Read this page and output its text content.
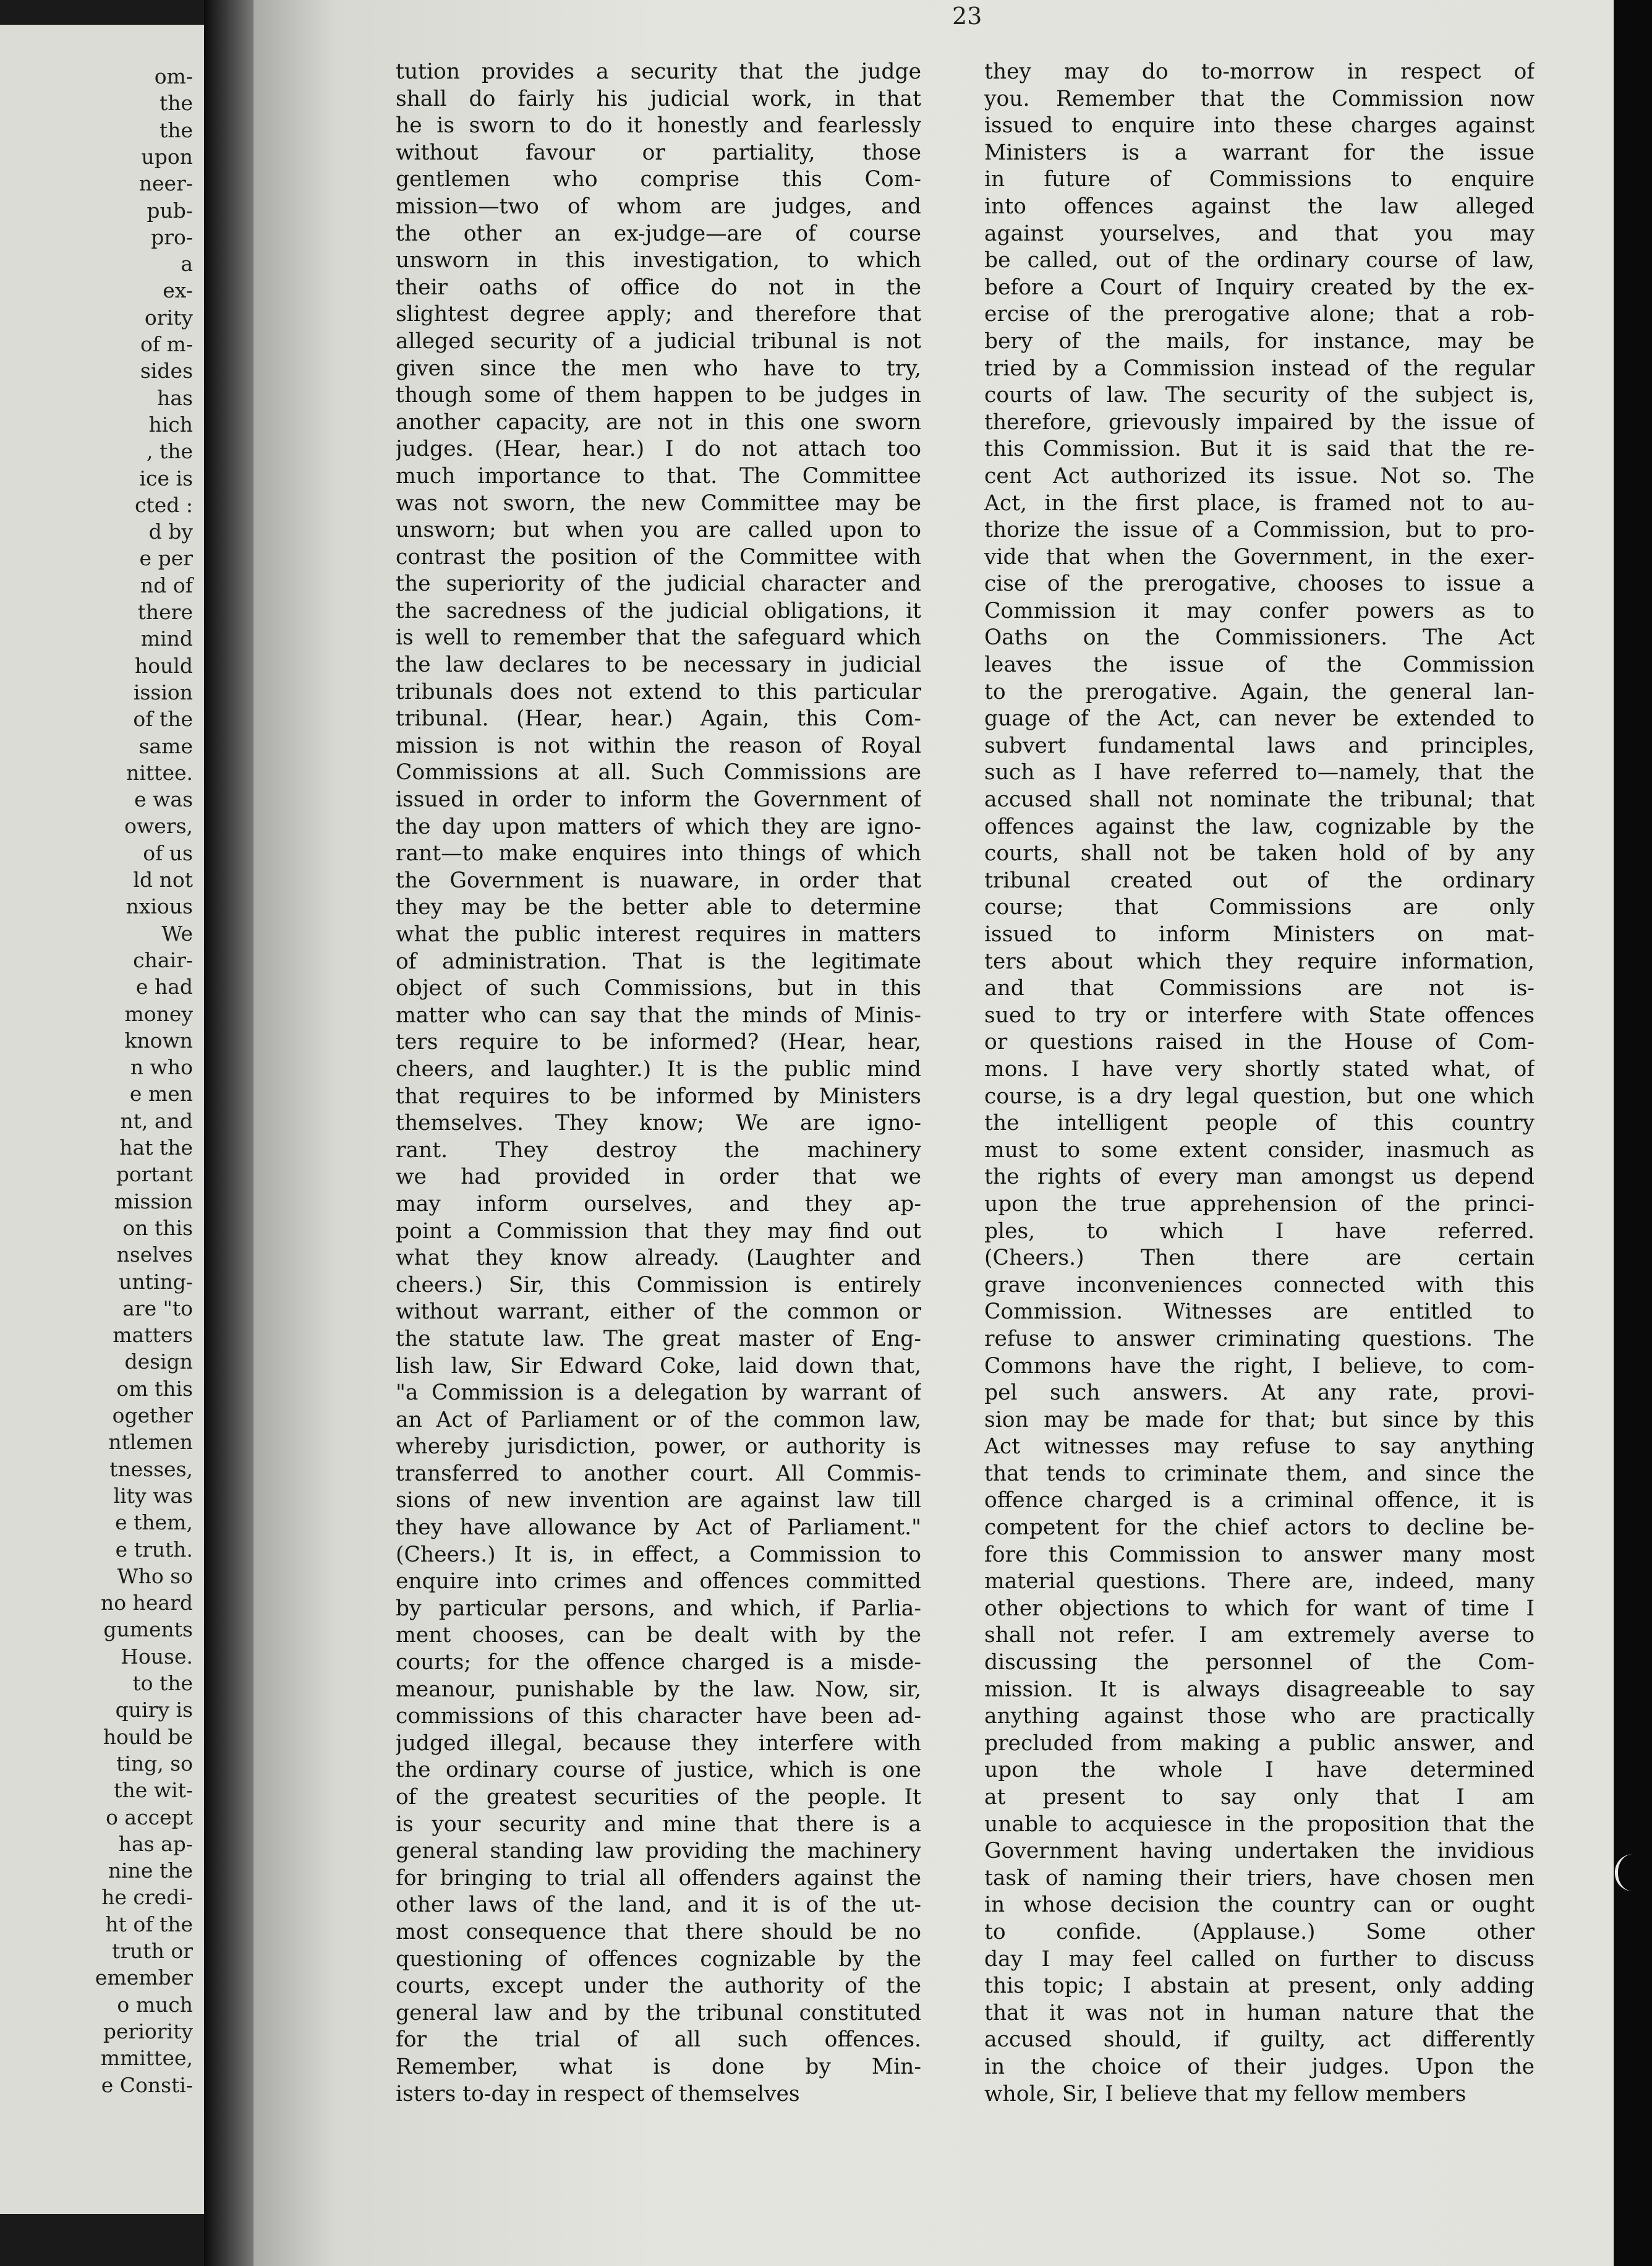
om-
the
the
upon
neer-
pub-
pro-
a
ex-
ority
of m-
sides
has
hich
, the
ice is
cted :
d by
e per
nd of
there
mind
hould
ission
of the
same
nittee.
e was
owers,
of us
ld not
nxious
We
chair-
e had
money
known
n who
e men
nt, and
hat the
portant
mission
on this
nselves
unting-
are "to
matters
design
om this
ogether
ntlemen
tnesses,
lity was
e them,
e truth.
Who so
no heard
guments
House.
to the
quiry is
hould be
ting, so
the wit-
o accept
has ap-
nine the
he credi-
ht of the
truth or
emember
o much
periority
mmittee,
e Consti-
23
tution provides a security that the judge
shall do fairly his judicial work, in that
he is sworn to do it honestly and fearlessly
without favour or partiality, those
gentlemen who comprise this Com-
mission—two of whom are judges, and
the other an ex-judge—are of course
unsworn in this investigation, to which
their oaths of office do not in the
slightest degree apply; and therefore that
alleged security of a judicial tribunal is not
given since the men who have to try,
though some of them happen to be judges in
another capacity, are not in this one sworn
judges. (Hear, hear.) I do not attach too
much importance to that. The Committee
was not sworn, the new Committee may be
unsworn; but when you are called upon to
contrast the position of the Committee with
the superiority of the judicial character and
the sacredness of the judicial obligations, it
is well to remember that the safeguard which
the law declares to be necessary in judicial
tribunals does not extend to this particular
tribunal. (Hear, hear.) Again, this Com-
mission is not within the reason of Royal
Commissions at all. Such Commissions are
issued in order to inform the Government of
the day upon matters of which they are igno-
rant—to make enquires into things of which
the Government is nuaware, in order that
they may be the better able to determine
what the public interest requires in matters
of administration. That is the legitimate
object of such Commissions, but in this
matter who can say that the minds of Minis-
ters require to be informed? (Hear, hear,
cheers, and laughter.) It is the public mind
that requires to be informed by Ministers
themselves. They know; We are igno-
rant. They destroy the machinery
we had provided in order that we
may inform ourselves, and they ap-
point a Commission that they may find out
what they know already. (Laughter and
cheers.) Sir, this Commission is entirely
without warrant, either of the common or
the statute law. The great master of Eng-
lish law, Sir Edward Coke, laid down that,
"a Commission is a delegation by warrant of
an Act of Parliament or of the common law,
whereby jurisdiction, power, or authority is
transferred to another court. All Commis-
sions of new invention are against law till
they have allowance by Act of Parliament."
(Cheers.) It is, in effect, a Commission to
enquire into crimes and offences committed
by particular persons, and which, if Parlia-
ment chooses, can be dealt with by the
courts; for the offence charged is a misde-
meanour, punishable by the law. Now, sir,
commissions of this character have been ad-
judged illegal, because they interfere with
the ordinary course of justice, which is one
of the greatest securities of the people. It
is your security and mine that there is a
general standing law providing the machinery
for bringing to trial all offenders against the
other laws of the land, and it is of the ut-
most consequence that there should be no
questioning of offences cognizable by the
courts, except under the authority of the
general law and by the tribunal constituted
for the trial of all such offences.
Remember, what is done by Min-
isters to-day in respect of themselves
they may do to-morrow in respect of
you. Remember that the Commission now
issued to enquire into these charges against
Ministers is a warrant for the issue
in future of Commissions to enquire
into offences against the law alleged
against yourselves, and that you may
be called, out of the ordinary course of law,
before a Court of Inquiry created by the ex-
ercise of the prerogative alone; that a rob-
bery of the mails, for instance, may be
tried by a Commission instead of the regular
courts of law. The security of the subject is,
therefore, grievously impaired by the issue of
this Commission. But it is said that the re-
cent Act authorized its issue. Not so. The
Act, in the first place, is framed not to au-
thorize the issue of a Commission, but to pro-
vide that when the Government, in the exer-
cise of the prerogative, chooses to issue a
Commission it may confer powers as to
Oaths on the Commissioners. The Act
leaves the issue of the Commission
to the prerogative. Again, the general lan-
guage of the Act, can never be extended to
subvert fundamental laws and principles,
such as I have referred to—namely, that the
accused shall not nominate the tribunal; that
offences against the law, cognizable by the
courts, shall not be taken hold of by any
tribunal created out of the ordinary
course; that Commissions are only
issued to inform Ministers on mat-
ters about which they require information,
and that Commissions are not is-
sued to try or interfere with State offences
or questions raised in the House of Com-
mons. I have very shortly stated what, of
course, is a dry legal question, but one which
the intelligent people of this country
must to some extent consider, inasmuch as
the rights of every man amongst us depend
upon the true apprehension of the princi-
ples, to which I have referred.
(Cheers.) Then there are certain
grave inconveniences connected with this
Commission. Witnesses are entitled to
refuse to answer criminating questions. The
Commons have the right, I believe, to com-
pel such answers. At any rate, provi-
sion may be made for that; but since by this
Act witnesses may refuse to say anything
that tends to criminate them, and since the
offence charged is a criminal offence, it is
competent for the chief actors to decline be-
fore this Commission to answer many most
material questions. There are, indeed, many
other objections to which for want of time I
shall not refer. I am extremely averse to
discussing the personnel of the Com-
mission. It is always disagreeable to say
anything against those who are practically
precluded from making a public answer, and
upon the whole I have determined
at present to say only that I am
unable to acquiesce in the proposition that the
Government having undertaken the invidious
task of naming their triers, have chosen men
in whose decision the country can or ought
to confide. (Applause.) Some other
day I may feel called on further to discuss
this topic; I abstain at present, only adding
that it was not in human nature that the
accused should, if guilty, act differently
in the choice of their judges. Upon the
whole, Sir, I believe that my fellow members
